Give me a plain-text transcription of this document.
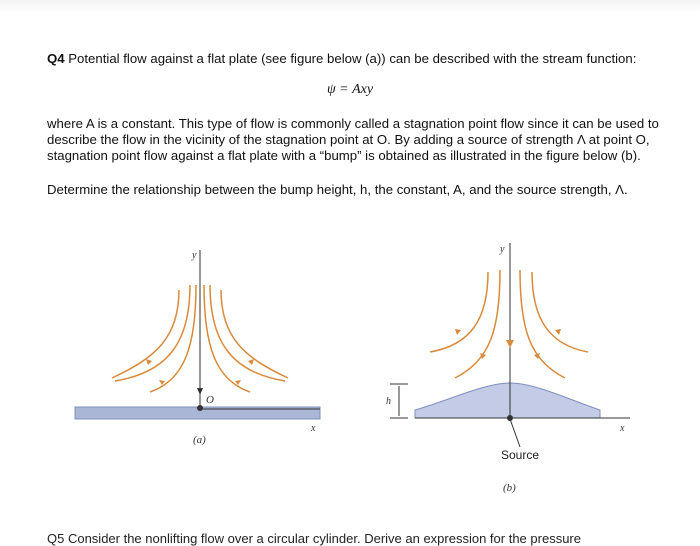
Q4 Potential flow against a flat plate (see figure below (a)) can be described with the stream function:
ψ = Axy
where A is a constant. This type of flow is commonly called a stagnation point flow since it can be used to describe the flow in the vicinity of the stagnation point at O. By adding a source of strength Λ at point O, stagnation point flow against a flat plate with a “bump” is obtained as illustrated in the figure below (b).
Determine the relationship between the bump height, h, the constant, A, and the source strength, Λ.
y
x
O
(a)
y
x
h
Source
(b)
Q5 Consider the nonlifting flow over a circular cylinder. Derive an expression for the pressure
